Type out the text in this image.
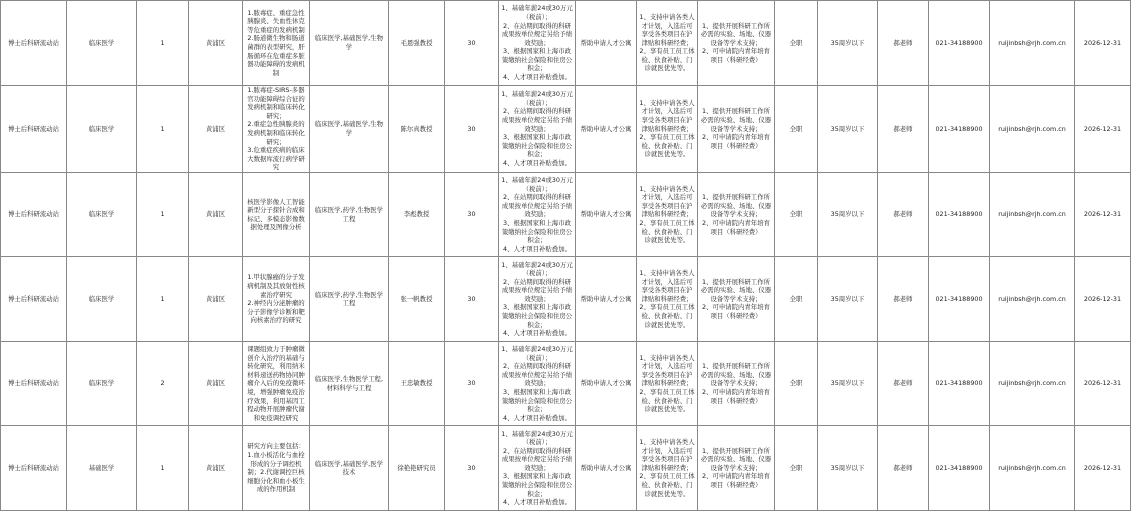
博士后科研流动站	临床医学	1	黄浦区	1.脓毒症、重症急性胰腺炎、失血性休克等危重症的发病机制
2.肠道微生物和肠道菌群的表型研究，肝肠循环在危重症多脏器功能障碍的发病机制	临床医学,基础医学,生物学	毛恩强教授	30	1、基础年薪24或30万元（税前）；
2、在站期间取得的科研成果按单位规定另给予绩效奖励；
3、根据国家和上海市政策缴纳社会保险和住房公积金；
4、人才项目补贴叠加。	帮助申请人才公寓	1、支持申请各类人才计划，入选后可享受各类项目在沪津贴和科研经费；
2、享有员工员工体检、伙食补贴、门诊就医优先等。	1、提供开展科研工作所必需的实验、场地、仪器设备等学术支持；
2、可申请院内青年培育项目（科研经费）	全职	35周岁以下	郝老师	021-34188900	ruijinbsh@rjh.com.cn	2026-12-31
博士后科研流动站	临床医学	1	黄浦区	1.脓毒症-SIRS-多器官功能障碍综合征的发病机制和临床转化研究；
2.重症急性胰腺炎的发病机制和临床转化研究；
3.危重症疾病的临床大数据库流行病学研究	临床医学,基础医学,生物学	陈尔真教授	30	1、基础年薪24或30万元（税前）；
2、在站期间取得的科研成果按单位规定另给予绩效奖励；
3、根据国家和上海市政策缴纳社会保险和住房公积金；
4、人才项目补贴叠加。	帮助申请人才公寓	1、支持申请各类人才计划，入选后可享受各类项目在沪津贴和科研经费；
2、享有员工员工体检、伙食补贴、门诊就医优先等。	1、提供开展科研工作所必需的实验、场地、仪器设备等学术支持；
2、可申请院内青年培育项目（科研经费）	全职	35周岁以下	郝老师	021-34188900	ruijinbsh@rjh.com.cn	2026-12-31
博士后科研流动站	临床医学	1	黄浦区	核医学影像人工智能新型分子探针合成和标记、多模态影像数据处理及图像分析	临床医学,药学,生物医学工程	李彪教授	30	1、基础年薪24或30万元（税前）；
2、在站期间取得的科研成果按单位规定另给予绩效奖励；
3、根据国家和上海市政策缴纳社会保险和住房公积金；
4、人才项目补贴叠加。	帮助申请人才公寓	1、支持申请各类人才计划，入选后可享受各类项目在沪津贴和科研经费；
2、享有员工员工体检、伙食补贴、门诊就医优先等。	1、提供开展科研工作所必需的实验、场地、仪器设备等学术支持；
2、可申请院内青年培育项目（科研经费）	全职	35周岁以下	郝老师	021-34188900	ruijinbsh@rjh.com.cn	2026-12-31
博士后科研流动站	临床医学	1	黄浦区	1.甲状腺癌的分子发病机制及其放射性核素治疗研究
2.神经内分泌肿瘤的分子影像学诊断和靶向核素治疗的研究	临床医学,药学,生物医学工程	张一帆教授	30	1、基础年薪24或30万元（税前）；
2、在站期间取得的科研成果按单位规定另给予绩效奖励；
3、根据国家和上海市政策缴纳社会保险和住房公积金；
4、人才项目补贴叠加。	帮助申请人才公寓	1、支持申请各类人才计划，入选后可享受各类项目在沪津贴和科研经费；
2、享有员工员工体检、伙食补贴、门诊就医优先等。	1、提供开展科研工作所必需的实验、场地、仪器设备等学术支持；
2、可申请院内青年培育项目（科研经费）	全职	35周岁以下	郝老师	021-34188900	ruijinbsh@rjh.com.cn	2026-12-31
博士后科研流动站	临床医学	2	黄浦区	课题组致力于肿瘤微创介入治疗的基础与转化研究，利用纳米材料递送药物协同肿瘤介入后的免疫微环境，增强肿瘤免疫治疗效果，利用基因工程动物开展肿瘤代谢和免疫调控研究	临床医学,生物医学工程,材料科学与工程	王忠敏教授	30	1、基础年薪24或30万元（税前）；
2、在站期间取得的科研成果按单位规定另给予绩效奖励；
3、根据国家和上海市政策缴纳社会保险和住房公积金；
4、人才项目补贴叠加。	帮助申请人才公寓	1、支持申请各类人才计划，入选后可享受各类项目在沪津贴和科研经费；
2、享有员工员工体检、伙食补贴、门诊就医优先等。	1、提供开展科研工作所必需的实验、场地、仪器设备等学术支持；
2、可申请院内青年培育项目（科研经费）	全职	35周岁以下	郝老师	021-34188900	ruijinbsh@rjh.com.cn	2026-12-31
博士后科研流动站	基础医学	1	黄浦区	研究方向主要包括：1.血小板活化与血栓形成的分子调控机制；2.代谢调控巨核细胞分化和血小板生成的作用机制	临床医学,基础医学,医学技术	徐艳艳研究员	30	1、基础年薪24或30万元（税前）；
2、在站期间取得的科研成果按单位规定另给予绩效奖励；
3、根据国家和上海市政策缴纳社会保险和住房公积金；
4、人才项目补贴叠加。	帮助申请人才公寓	1、支持申请各类人才计划，入选后可享受各类项目在沪津贴和科研经费；
2、享有员工员工体检、伙食补贴、门诊就医优先等。	1、提供开展科研工作所必需的实验、场地、仪器设备等学术支持；
2、可申请院内青年培育项目（科研经费）	全职	35周岁以下	郝老师	021-34188900	ruijinbsh@rjh.com.cn	2026-12-31
